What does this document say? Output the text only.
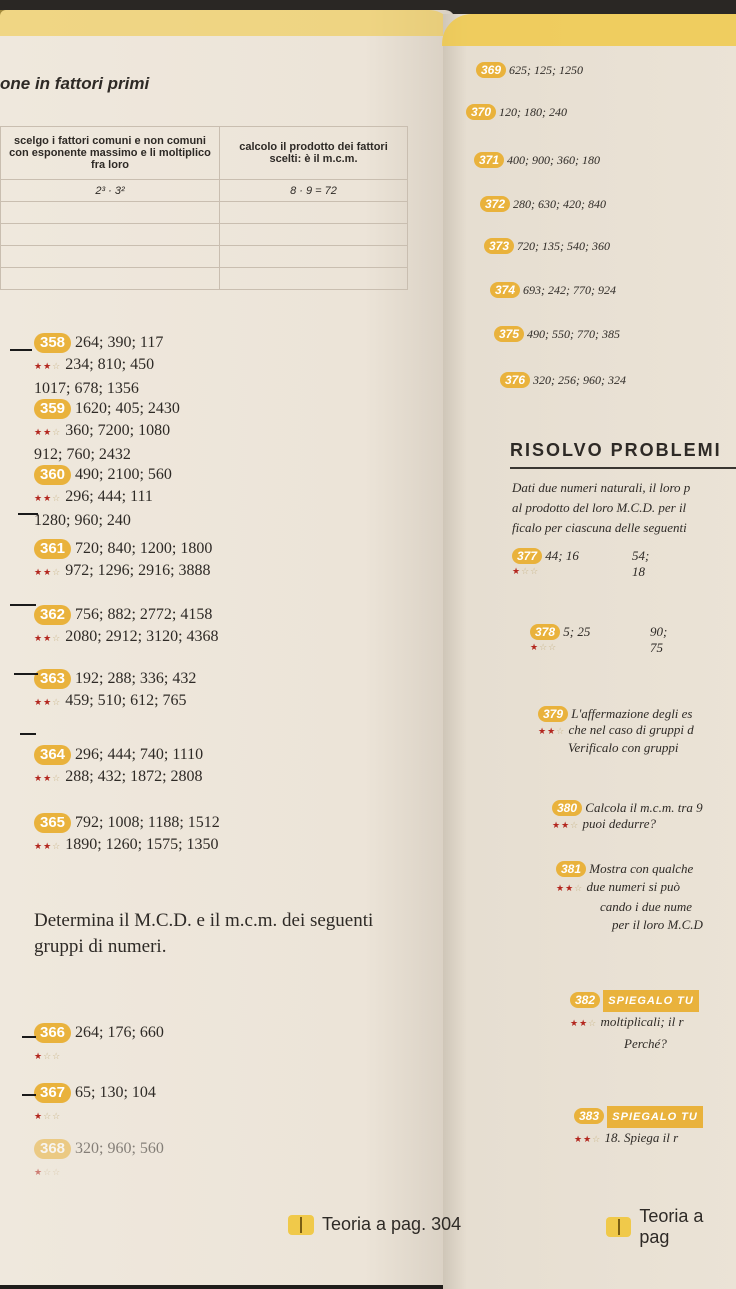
one in fattori primi
scelgo i fattori comuni e non comuni con esponente massimo e li moltiplico fra loro	calcolo il prodotto dei fattori scelti: è il m.c.m.
2³ · 3²	8 · 9 = 72

358 264; 390; 117
★★☆ 234; 810; 450
1017; 678; 1356
359 1620; 405; 2430
★★☆ 360; 7200; 1080
912; 760; 2432
360 490; 2100; 560
★★☆ 296; 444; 111
1280; 960; 240
361 720; 840; 1200; 1800
★★☆ 972; 1296; 2916; 3888
362 756; 882; 2772; 4158
★★☆ 2080; 2912; 3120; 4368
363 192; 288; 336; 432
★★☆ 459; 510; 612; 765
364 296; 444; 740; 1110
★★☆ 288; 432; 1872; 2808
365 792; 1008; 1188; 1512
★★☆ 1890; 1260; 1575; 1350
Determina il M.C.D. e il m.c.m. dei seguenti gruppi di numeri.
366 264; 176; 660
★☆☆
367 65; 130; 104
★☆☆
368 320; 960; 560
★☆☆
Teoria a pag. 304
369 625; 125; 1250
370 120; 180; 240
371 400; 900; 360; 180
372 280; 630; 420; 840
373 720; 135; 540; 360
374 693; 242; 770; 924
375 490; 550; 770; 385
376 320; 256; 960; 324
RISOLVO PROBLEMI
Dati due numeri naturali, il loro p
al prodotto del loro M.C.D. per il
ficalo per ciascuna delle seguenti
377 44; 16	54; 18
★☆☆
378 5; 25	90; 75
★☆☆
379 L'affermazione degli es
★★☆ che nel caso di gruppi d
Verificalo con gruppi
380 Calcola il m.c.m. tra 9
★★☆ puoi dedurre?
381 Mostra con qualche
★★☆ due numeri si può
cando i due nume
per il loro M.C.D
382 SPIEGALO TU
★★☆ moltiplicali; il r
Perché?
383 SPIEGALO TU
★★☆ 18. Spiega il r
Teoria a pag
